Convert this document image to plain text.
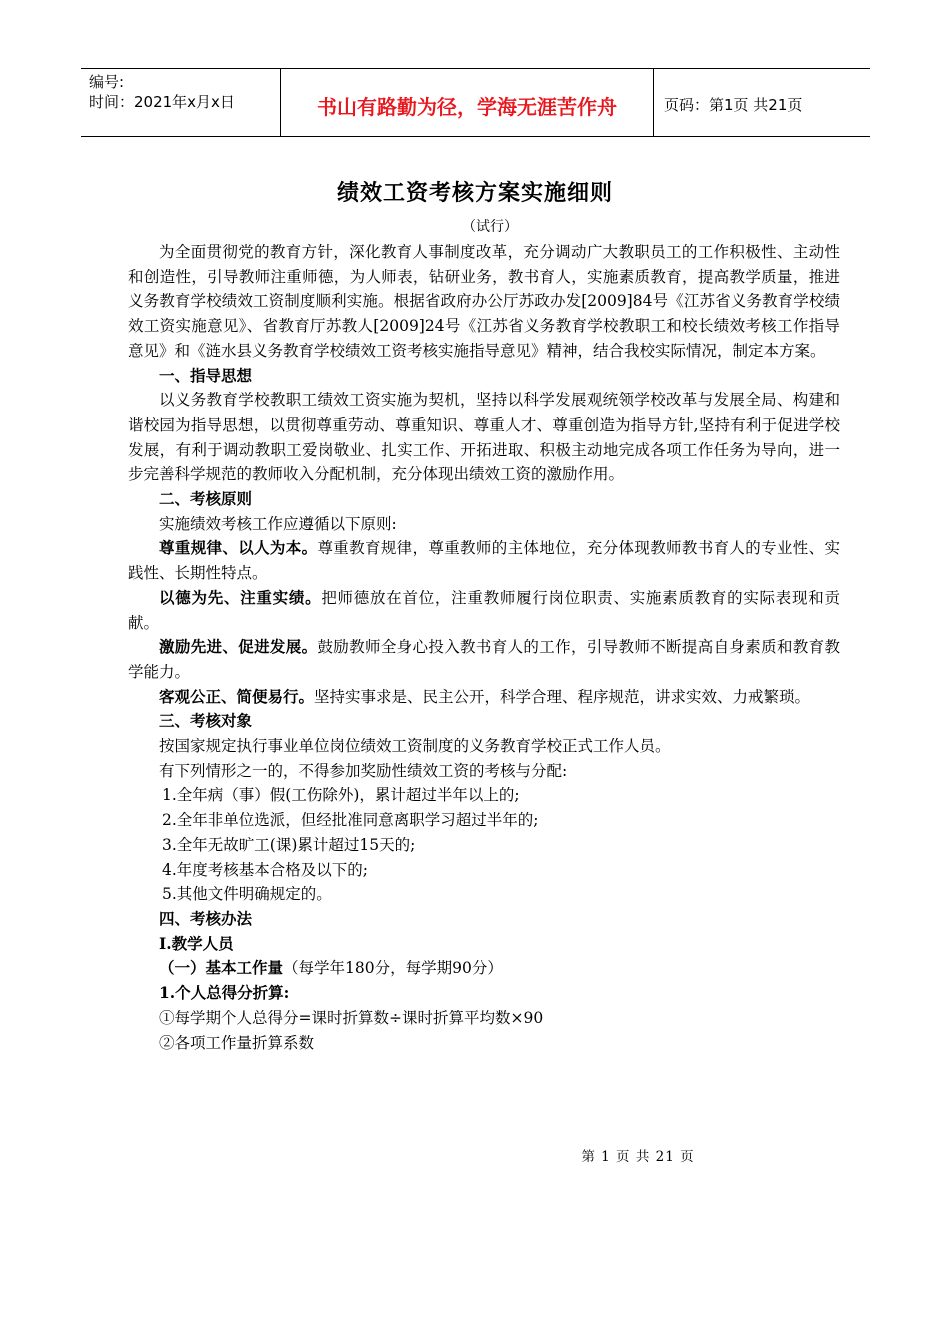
编号:
时间：2021年x月x日	书山有路勤为径，学海无涯苦作舟	页码：第1页 共21页
绩效工资考核方案实施细则
（试行）

为全面贯彻党的教育方针，深化教育人事制度改革，充分调动广大教职员工的工作积极性、主动性和创造性，引导教师注重师德，为人师表，钻研业务，教书育人，实施素质教育，提高教学质量，推进义务教育学校绩效工资制度顺利实施。根据省政府办公厅苏政办发[2009]84号《江苏省义务教育学校绩效工资实施意见》、省教育厅苏教人[2009]24号《江苏省义务教育学校教职工和校长绩效考核工作指导意见》和《涟水县义务教育学校绩效工资考核实施指导意见》精神，结合我校实际情况，制定本方案。

一、指导思想

以义务教育学校教职工绩效工资实施为契机，坚持以科学发展观统领学校改革与发展全局、构建和谐校园为指导思想，以贯彻尊重劳动、尊重知识、尊重人才、尊重创造为指导方针,坚持有利于促进学校发展，有利于调动教职工爱岗敬业、扎实工作、开拓进取、积极主动地完成各项工作任务为导向，进一步完善科学规范的教师收入分配机制，充分体现出绩效工资的激励作用。

二、考核原则

实施绩效考核工作应遵循以下原则:

尊重规律、以人为本。尊重教育规律，尊重教师的主体地位，充分体现教师教书育人的专业性、实践性、长期性特点。

以德为先、注重实绩。把师德放在首位，注重教师履行岗位职责、实施素质教育的实际表现和贡献。

激励先进、促进发展。鼓励教师全身心投入教书育人的工作，引导教师不断提高自身素质和教育教学能力。

客观公正、简便易行。坚持实事求是、民主公开，科学合理、程序规范，讲求实效、力戒繁琐。

三、考核对象

按国家规定执行事业单位岗位绩效工资制度的义务教育学校正式工作人员。

有下列情形之一的，不得参加奖励性绩效工资的考核与分配:

1.全年病（事）假(工伤除外)，累计超过半年以上的;

2.全年非单位选派，但经批准同意离职学习超过半年的;

3.全年无故旷工(课)累计超过15天的;

4.年度考核基本合格及以下的;

5.其他文件明确规定的。

四、考核办法

Ⅰ.教学人员

（一）基本工作量（每学年180分，每学期90分）

1.个人总得分折算:

①每学期个人总得分=课时折算数÷课时折算平均数×90

②各项工作量折算系数

第 1 页 共 21 页
